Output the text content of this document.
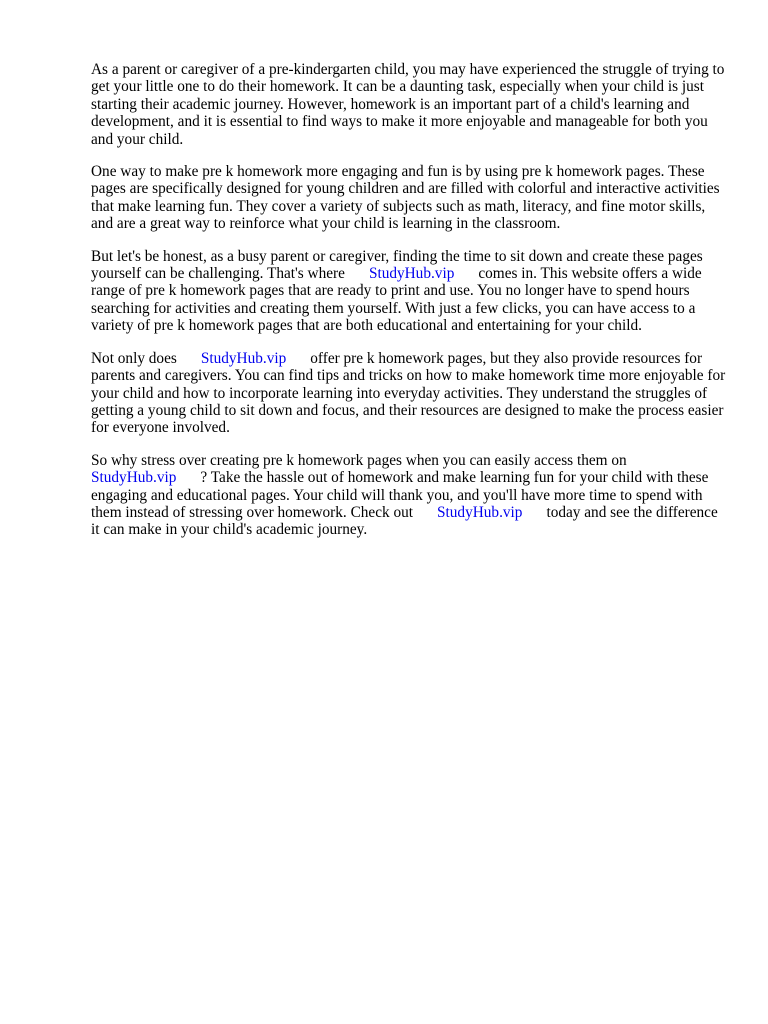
As a parent or caregiver of a pre-kindergarten child, you may have experienced the struggle of trying to get your little one to do their homework. It can be a daunting task, especially when your child is just starting their academic journey. However, homework is an important part of a child's learning and development, and it is essential to find ways to make it more enjoyable and manageable for both you and your child.

One way to make pre k homework more engaging and fun is by using pre k homework pages. These pages are specifically designed for young children and are filled with colorful and interactive activities that make learning fun. They cover a variety of subjects such as math, literacy, and fine motor skills, and are a great way to reinforce what your child is learning in the classroom.

But let's be honest, as a busy parent or caregiver, finding the time to sit down and create these pages yourself can be challenging. That's where StudyHub.vip comes in. This website offers a wide range of pre k homework pages that are ready to print and use. You no longer have to spend hours searching for activities and creating them yourself. With just a few clicks, you can have access to a variety of pre k homework pages that are both educational and entertaining for your child.

Not only does StudyHub.vip offer pre k homework pages, but they also provide resources for parents and caregivers. You can find tips and tricks on how to make homework time more enjoyable for your child and how to incorporate learning into everyday activities. They understand the struggles of getting a young child to sit down and focus, and their resources are designed to make the process easier for everyone involved.

So why stress over creating pre k homework pages when you can easily access them on StudyHub.vip ? Take the hassle out of homework and make learning fun for your child with these engaging and educational pages. Your child will thank you, and you'll have more time to spend with them instead of stressing over homework. Check out StudyHub.vip today and see the difference it can make in your child's academic journey.
